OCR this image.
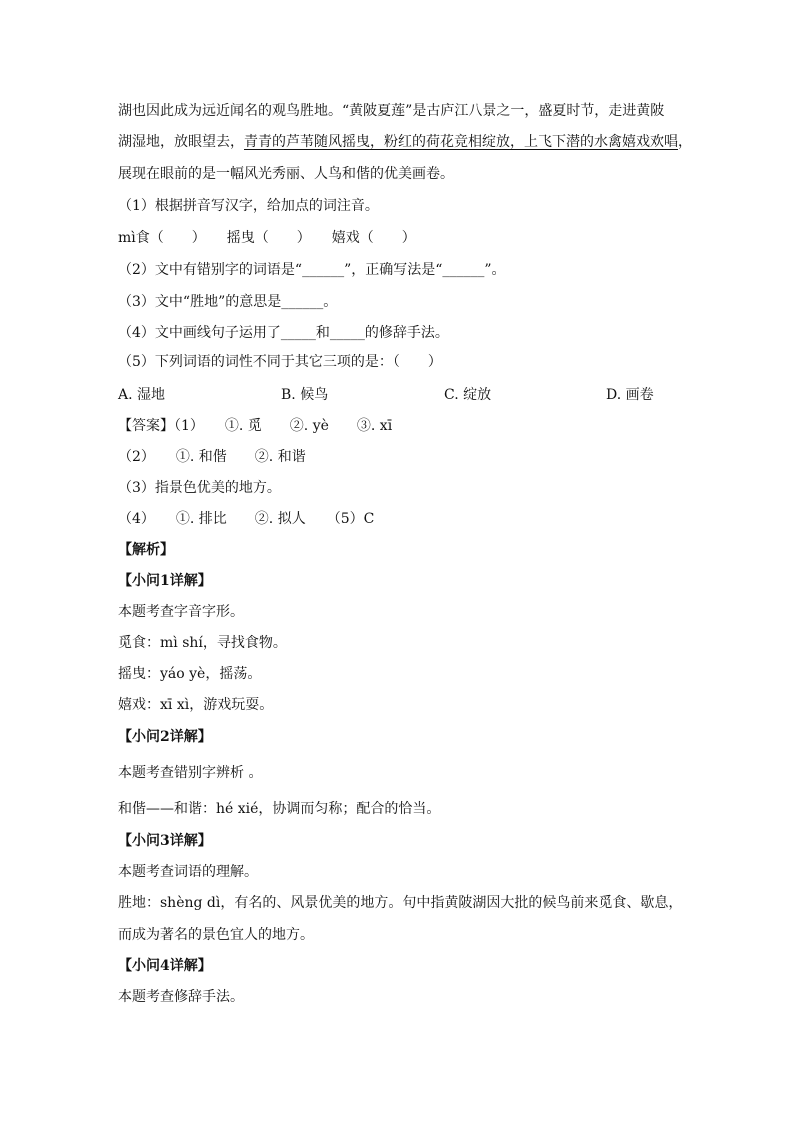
湖也因此成为远近闻名的观鸟胜地。“黄陂夏莲”是古庐江八景之一，盛夏时节，走进黄陂
湖湿地，放眼望去，青青的芦苇随风摇曳，粉红的荷花竞相绽放，上飞下潜的水禽嬉戏欢唱，
展现在眼前的是一幅风光秀丽、人鸟和偕的优美画卷。
（1）根据拼音写汉字，给加点的词注音。
mì食（　　）　　摇曳（　　）　　嬉戏（　　）
（2）文中有错别字的词语是“______”，正确写法是“______”。
（3）文中“胜地”的意思是______。
（4）文中画线句子运用了_____和_____的修辞手法。
（5）下列词语的词性不同于其它三项的是：（　　）
A. 湿地	B. 候鸟	C. 绽放	D. 画卷
【答案】（1）　　①. 觅　　②. yè　　③. xī
（2）　　①. 和偕　　②. 和谐
（3）指景色优美的地方。
（4）　　①. 排比　　②. 拟人　　（5）C
【解析】
【小问1详解】
本题考查字音字形。
觅食：mì shí，寻找食物。
摇曳：yáo yè，摇荡。
嬉戏：xī xì，游戏玩耍。
【小问2详解】
本题考查错别字辨析 。
和偕——和谐：hé xié，协调而匀称；配合的恰当。
【小问3详解】
本题考查词语的理解。
胜地：shèng dì，有名的、风景优美的地方。句中指黄陂湖因大批的候鸟前来觅食、歇息，
而成为著名的景色宜人的地方。
【小问4详解】
本题考查修辞手法。
